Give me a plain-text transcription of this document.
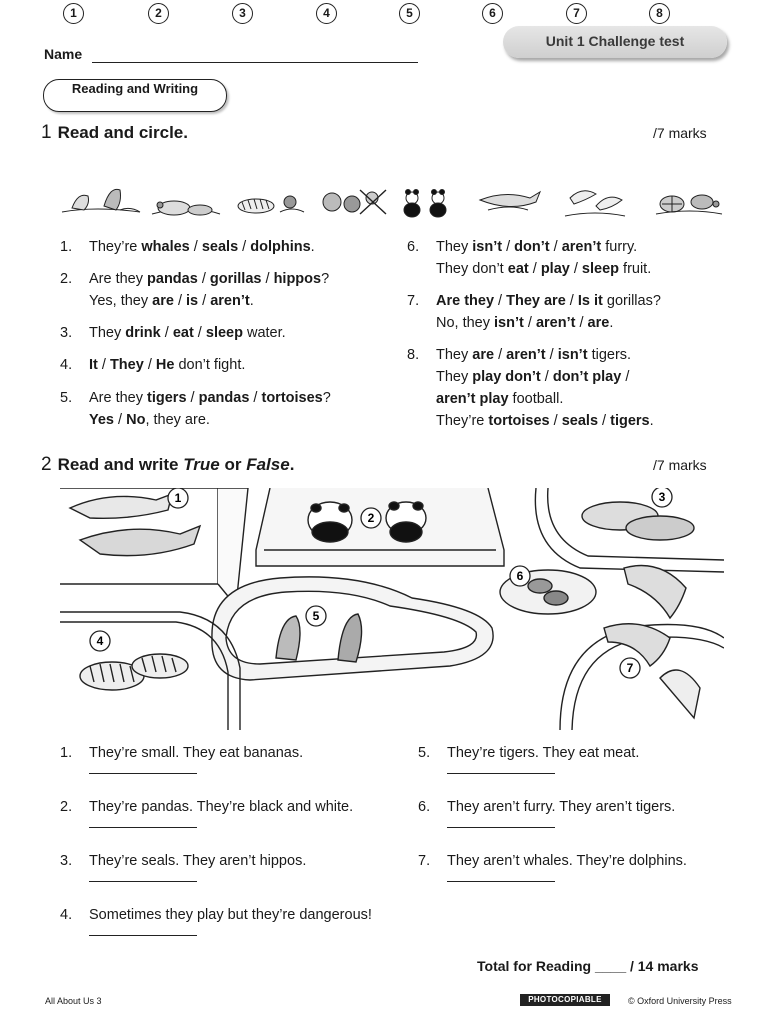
1	2	3	4	5	6	7	8
Unit 1 Challenge test
Name
Reading and Writing
1 Read and circle.	/7 marks
1. They’re whales / seals / dolphins.
2. Are they pandas / gorillas / hippos?
Yes, they are / is / aren’t.
3. They drink / eat / sleep water.
4. It / They / He don’t fight.
5. Are they tigers / pandas / tortoises?
Yes / No, they are.
6. They isn’t / don’t / aren’t furry.
They don’t eat / play / sleep fruit.
7. Are they / They are / Is it gorillas?
No, they isn’t / aren’t / are.
8. They are / aren’t / isn’t tigers.
They play don’t / don’t play /
aren’t play football.
They’re tortoises / seals / tigers.
2 Read and write True or False.	/7 marks
1
2
3
4
5
6
7
1. They’re small. They eat bananas.
2. They’re pandas. They’re black and white.
3. They’re seals. They aren’t hippos.
4. Sometimes they play but they’re dangerous!
5. They’re tigers. They eat meat.
6. They aren’t furry. They aren’t tigers.
7. They aren’t whales. They’re dolphins.
Total for Reading ____ / 14 marks
All About Us 3	PHOTOCOPIABLE	© Oxford University Press
